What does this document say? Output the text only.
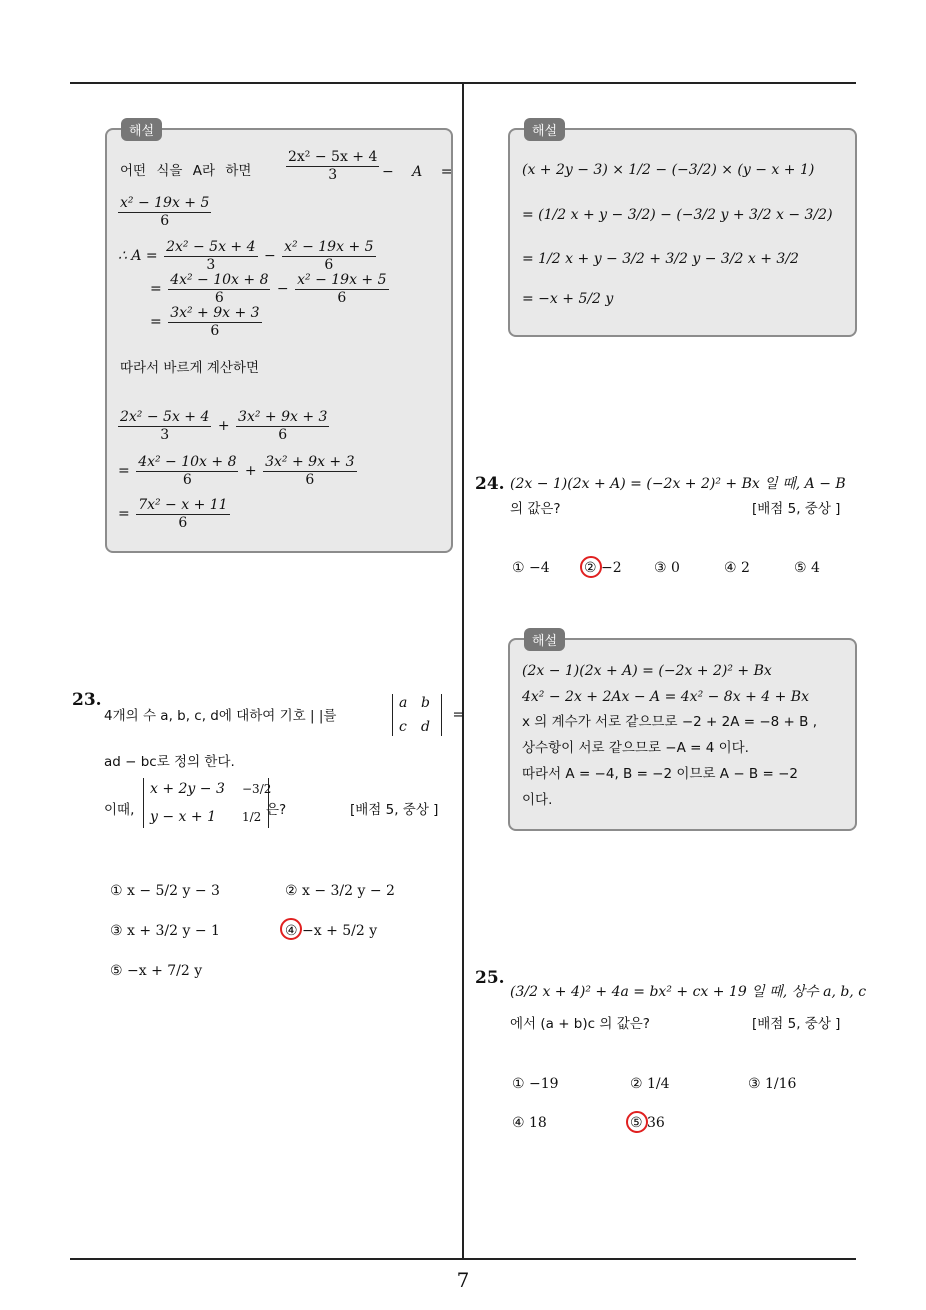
해설
어떤 식을 A라 하면 $\frac{\text{2x² − 5x + 4}}{3} - A$ =
$\frac{\text{x² − 19x + 5}}{6}$
∴ $A = \frac{\text{2x² − 5x + 4}}{3} - \frac{\text{x² − 19x + 5}}{6}$
= $\frac{\text{4x² − 10x + 8}}{6} - \frac{\text{x² − 19x + 5}}{6}$
= $\frac{\text{3x² + 9x + 3}}{6}$
따라서 바르게 계산하면
$\frac{\text{2x² − 5x + 4}}{3} + \frac{\text{3x² + 9x + 3}}{6}$
= $\frac{\text{4x² − 10x + 8}}{6} + \frac{\text{3x² + 9x + 3}}{6}$
= $\frac{\text{7x² − x + 11}}{6}$
23.
4개의 수 a, b, c, d에 대하여 기호 | |를
a b
c	d
=
ad − bc로 정의 한다.
이때,
x + 2y − 3	−3/2
y − x + 1	1/2 은?	[배점 5, 중상 ]
① x − 5/2 y − 3	② x − 3/2 y − 2
③ x + 3/2 y − 1	④ −x + 5/2 y
⑤ −x + 7/2 y
해설
(x + 2y − 3) × 1/2 − (−3/2) × (y − x + 1)
= (1/2 x + y − 3/2) − (−3/2 y + 3/2 x − 3/2)
= 1/2 x + y − 3/2 + 3/2 y − 3/2 x + 3/2
= −x + 5/2 y
24. (2x − 1)(2x + A) = (−2x + 2)² + Bx 일 때, A − B
의 값은?	[배점 5, 중상 ]
① −4 ② −2 ③ 0	④ 2	⑤ 4
해설
(2x − 1)(2x + A) = (−2x + 2)² + Bx
4x² − 2x + 2Ax − A = 4x² − 8x + 4 + Bx
x 의 계수가 서로 같으므로 −2 + 2A = −8 + B ,
상수항이 서로 같으므로 −A = 4 이다.
따라서 A = −4, B = −2 이므로 A − B = −2
이다.
25.
(3/2 x + 4)² + 4a = bx² + cx + 19 일 때, 상수 a, b, c
에서 (a + b)c 의 값은?	[배점 5, 중상 ]
① −19	② 1/4	③ 1/16
④ 18	⑤ 36
7
